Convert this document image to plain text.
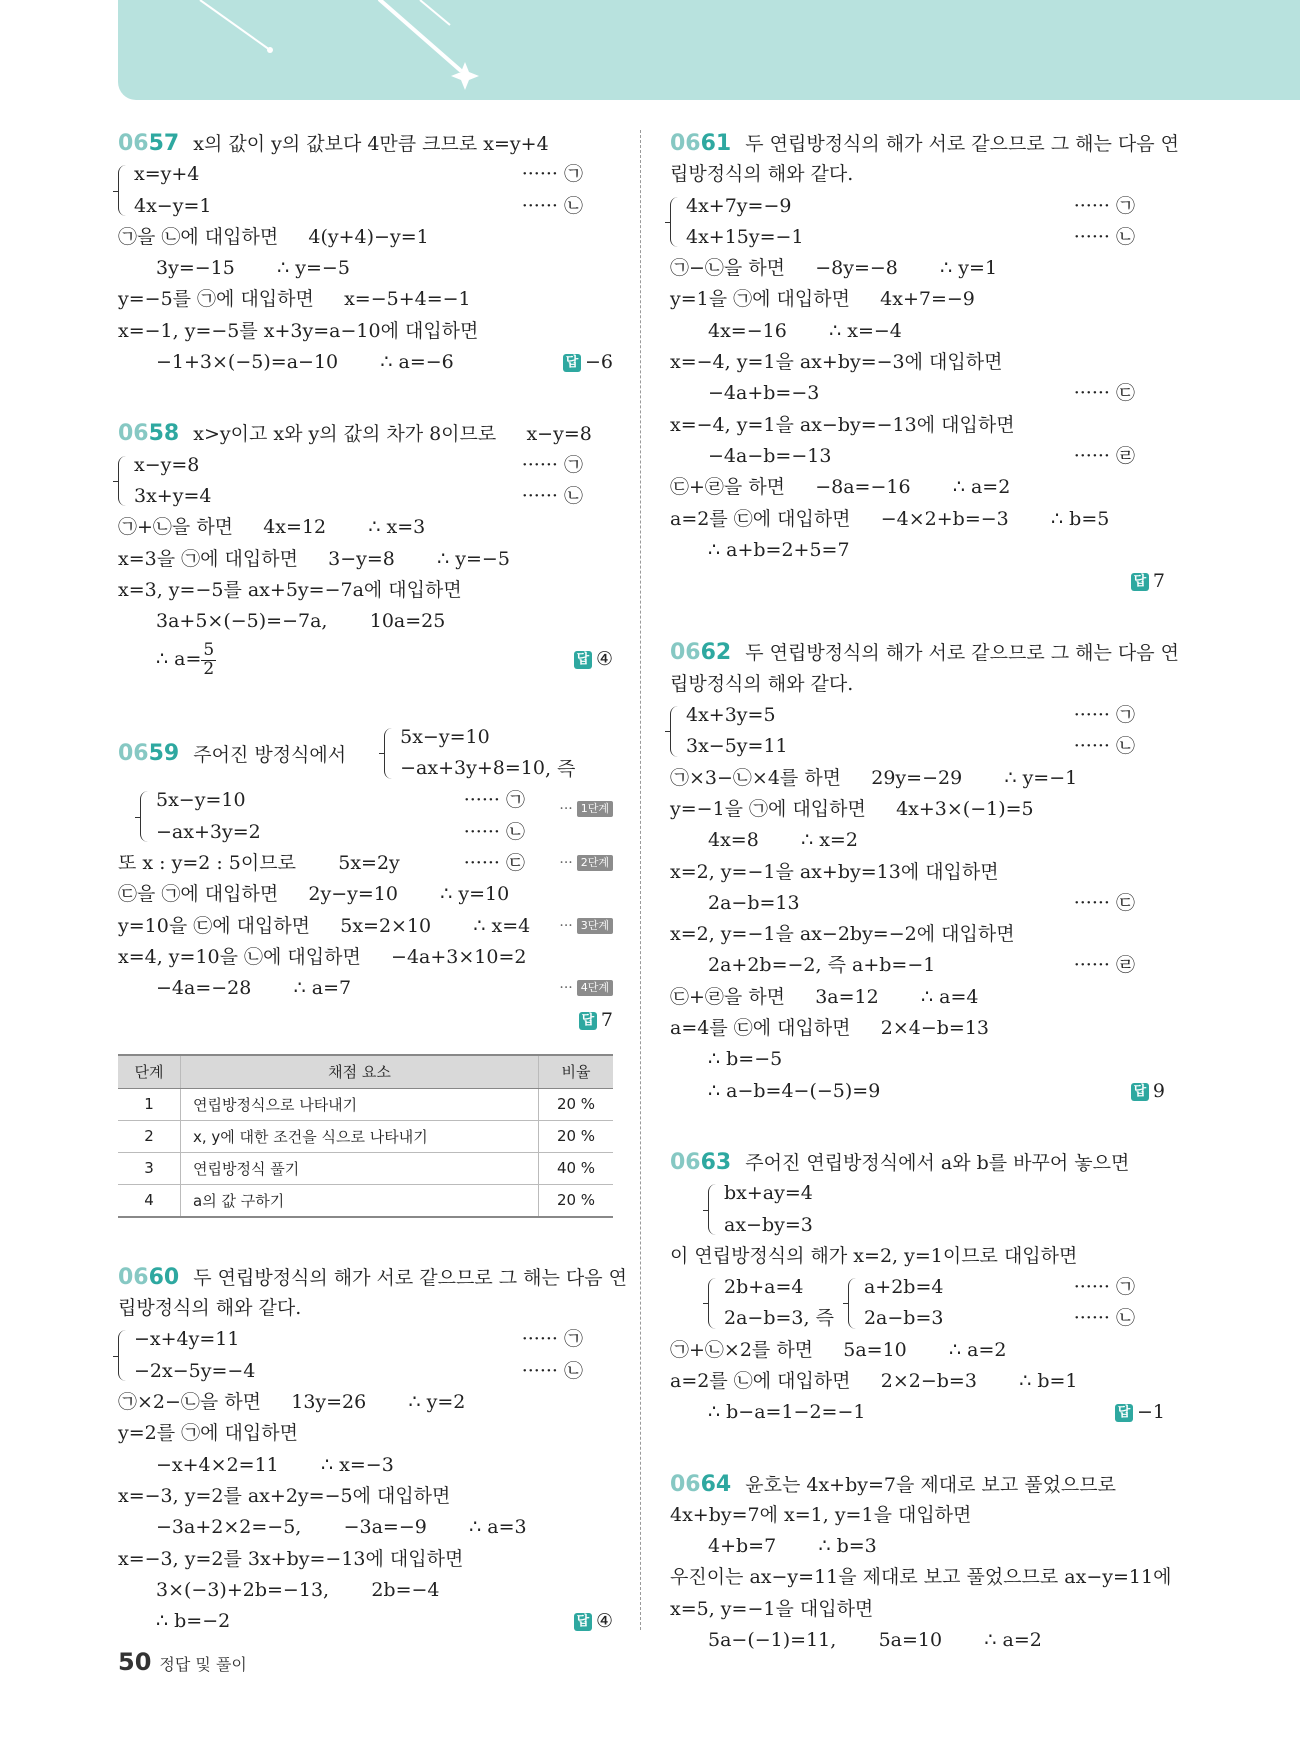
0657 x의 값이 y의 값보다 4만큼 크므로 x=y+4
x=y+4	······ ㉠
4x−y=1	······ ㉡
㉠을 ㉡에 대입하면     4(y+4)−y=1
3y=−15       ∴ y=−5
y=−5를 ㉠에 대입하면     x=−5+4=−1
x=−1, y=−5를 x+3y=a−10에 대입하면
−1+3×(−5)=a−10       ∴ a=−6	답 −6
0658 x>y이고 x와 y의 값의 차가 8이므로     x−y=8
x−y=8	······ ㉠
3x+y=4	······ ㉡
㉠+㉡을 하면     4x=12       ∴ x=3
x=3을 ㉠에 대입하면     3−y=8       ∴ y=−5
x=3, y=−5를 ax+5y=−7a에 대입하면
3a+5×(−5)=−7a,       10a=25
∴ $a= \frac{5}{2}$	답 ④
0659 주어진 방정식에서
5x−y=10
−ax+3y+8=10 , 즉
5x−y=10	······ ㉠
−ax+3y=2	······ ㉡
··· 1단계
또 x : y=2 : 5이므로       5x=2y	······ ㉢ ··· 2단계
㉢을 ㉠에 대입하면     2y−y=10       ∴ y=10
y=10을 ㉢에 대입하면     5x=2×10       ∴ x=4 ··· 3단계
x=4, y=10을 ㉡에 대입하면     −4a+3×10=2
−4a=−28       ∴ a=7	··· 4단계
답 7
단계	채점 요소	비율
1	연립방정식으로 나타내기	20 %
2	x, y에 대한 조건을 식으로 나타내기	20 %
3	연립방정식 풀기	40 %
4	a의 값 구하기	20 %
0660 두 연립방정식의 해가 서로 같으므로 그 해는 다음 연
립방정식의 해와 같다.
−x+4y=11	······ ㉠
−2x−5y=−4	······ ㉡
㉠×2−㉡을 하면     13y=26       ∴ y=2
y=2를 ㉠에 대입하면
−x+4×2=11       ∴ x=−3
x=−3, y=2를 ax+2y=−5에 대입하면
−3a+2×2=−5,       −3a=−9       ∴ a=3
x=−3, y=2를 3x+by=−13에 대입하면
3×(−3)+2b=−13,       2b=−4
∴ b=−2	답 ④
0661 두 연립방정식의 해가 서로 같으므로 그 해는 다음 연
립방정식의 해와 같다.
4x+7y=−9	······ ㉠
4x+15y=−1	······ ㉡
㉠−㉡을 하면     −8y=−8       ∴ y=1
y=1을 ㉠에 대입하면     4x+7=−9
4x=−16       ∴ x=−4
x=−4, y=1을 ax+by=−3에 대입하면
−4a+b=−3	······ ㉢
x=−4, y=1을 ax−by=−13에 대입하면
−4a−b=−13	······ ㉣
㉢+㉣을 하면     −8a=−16       ∴ a=2
a=2를 ㉢에 대입하면     −4×2+b=−3       ∴ b=5
∴ a+b=2+5=7
답 7
0662 두 연립방정식의 해가 서로 같으므로 그 해는 다음 연
립방정식의 해와 같다.
4x+3y=5	······ ㉠
3x−5y=11	······ ㉡
㉠×3−㉡×4를 하면     29y=−29       ∴ y=−1
y=−1을 ㉠에 대입하면     4x+3×(−1)=5
4x=8       ∴ x=2
x=2, y=−1을 ax+by=13에 대입하면
2a−b=13	······ ㉢
x=2, y=−1을 ax−2by=−2에 대입하면
2a+2b=−2, 즉 a+b=−1	······ ㉣
㉢+㉣을 하면     3a=12       ∴ a=4
a=4를 ㉢에 대입하면     2×4−b=13
∴ b=−5
∴ a−b=4−(−5)=9	답 9
0663 주어진 연립방정식에서 a와 b를 바꾸어 놓으면
bx+ay=4
ax−by=3
이 연립방정식의 해가 x=2, y=1이므로 대입하면
2b+a=4
2a−b=3 , 즉
a+2b=4	······ ㉠
2a−b=3	······ ㉡
㉠+㉡×2를 하면     5a=10       ∴ a=2
a=2를 ㉡에 대입하면     2×2−b=3       ∴ b=1
∴ b−a=1−2=−1	답 −1
0664 윤호는 4x+by=7을 제대로 보고 풀었으므로
4x+by=7에 x=1, y=1을 대입하면
4+b=7       ∴ b=3
우진이는 ax−y=11을 제대로 보고 풀었으므로 ax−y=11에
x=5, y=−1을 대입하면
5a−(−1)=11,       5a=10       ∴ a=2
50 정답 및 풀이
